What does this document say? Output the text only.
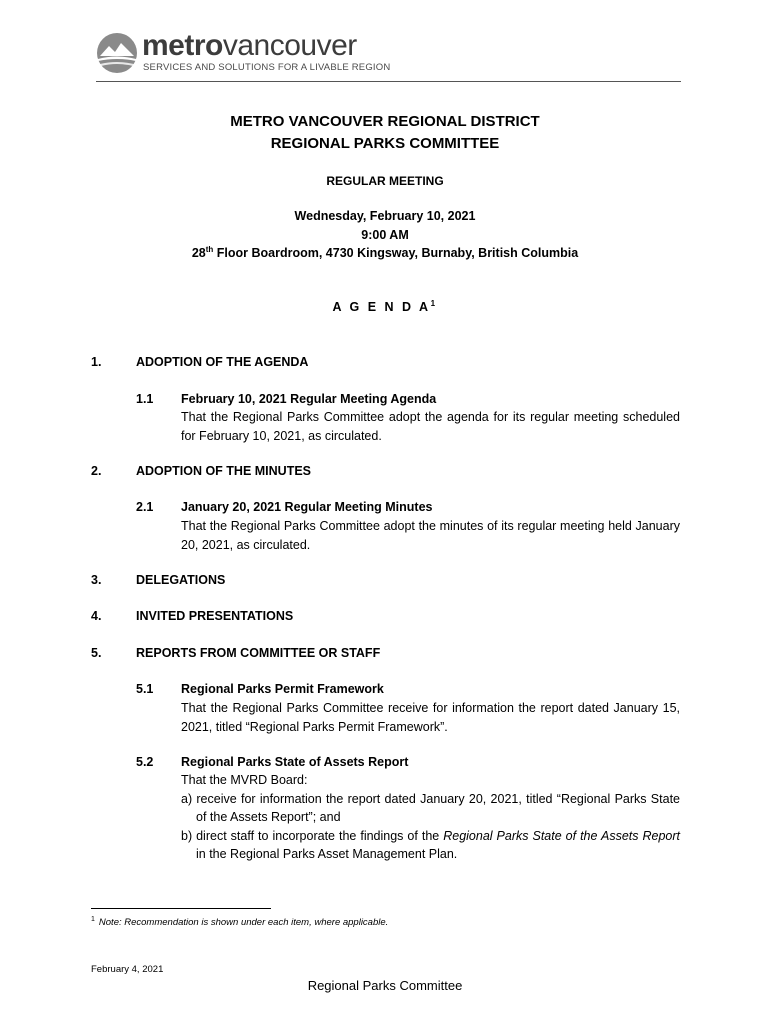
metrovancouver
SERVICES AND SOLUTIONS FOR A LIVABLE REGION
METRO VANCOUVER REGIONAL DISTRICT
REGIONAL PARKS COMMITTEE
REGULAR MEETING
Wednesday, February 10, 2021
9:00 AM
28th Floor Boardroom, 4730 Kingsway, Burnaby, British Columbia
A G E N D $A^1$
1.	ADOPTION OF THE AGENDA
1.1 February 10, 2021 Regular Meeting Agenda

That the Regional Parks Committee adopt the agenda for its regular meeting scheduled for February 10, 2021, as circulated.

2.	ADOPTION OF THE MINUTES
2.1 January 20, 2021 Regular Meeting Minutes

That the Regional Parks Committee adopt the minutes of its regular meeting held January 20, 2021, as circulated.

3.	DELEGATIONS
4.	INVITED PRESENTATIONS
5.	REPORTS FROM COMMITTEE OR STAFF
5.1 Regional Parks Permit Framework

That the Regional Parks Committee receive for information the report dated January 15, 2021, titled “Regional Parks Permit Framework”.

5.2 Regional Parks State of Assets Report

That the MVRD Board:

a) receive for information the report dated January 20, 2021, titled “Regional Parks State of the Assets Report”; and

b) direct staff to incorporate the findings of the Regional Parks State of the Assets Report in the Regional Parks Asset Management Plan.

$^1$ Note: Recommendation is shown under each item, where applicable.
February 4, 2021
Regional Parks Committee
